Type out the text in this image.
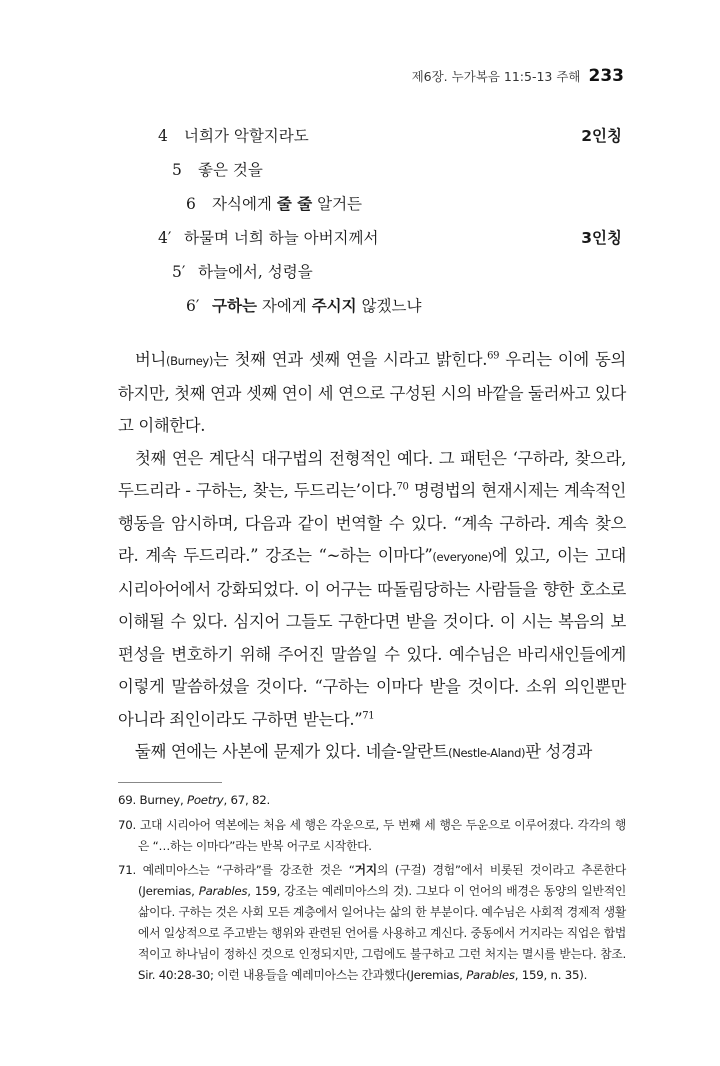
제6장. 누가복음 11:5-13 주해 233
4 너희가 악할지라도	2인칭
5 좋은 것을
6 자식에게 줄 줄 알거든
4′ 하물며 너희 하늘 아버지께서	3인칭
5′ 하늘에서, 성령을
6′ 구하는 자에게 주시지 않겠느냐

버니(Burney)는 첫째 연과 셋째 연을 시라고 밝힌다.$^{69}$ 우리는 이에 동의하지만, 첫째 연과 셋째 연이 세 연으로 구성된 시의 바깥을 둘러싸고 있다고 이해한다.

첫째 연은 계단식 대구법의 전형적인 예다. 그 패턴은 ‘구하라, 찾으라, 두드리라 - 구하는, 찾는, 두드리는’이다.$^{70}$ 명령법의 현재시제는 계속적인 행동을 암시하며, 다음과 같이 번역할 수 있다. “계속 구하라. 계속 찾으라. 계속 두드리라.” 강조는 “~하는 이마다”(everyone)에 있고, 이는 고대 시리아어에서 강화되었다. 이 어구는 따돌림당하는 사람들을 향한 호소로 이해될 수 있다. 심지어 그들도 구한다면 받을 것이다. 이 시는 복음의 보편성을 변호하기 위해 주어진 말씀일 수 있다. 예수님은 바리새인들에게 이렇게 말씀하셨을 것이다. “구하는 이마다 받을 것이다. 소위 의인뿐만 아니라 죄인이라도 구하면 받는다.”$^{71}$

둘째 연에는 사본에 문제가 있다. 네슬-알란트(Nestle-Aland)판 성경과

69. Burney, Poetry, 67, 82.

70. 고대 시리아어 역본에는 처음 세 행은 각운으로, 두 번째 세 행은 두운으로 이루어졌다. 각각의 행은 “…하는 이마다”라는 반복 어구로 시작한다.

71. 예레미아스는 “구하라”를 강조한 것은 “거지의 (구걸) 경험”에서 비롯된 것이라고 추론한다(Jeremias, Parables, 159, 강조는 예레미아스의 것). 그보다 이 언어의 배경은 동양의 일반적인 삶이다. 구하는 것은 사회 모든 계층에서 일어나는 삶의 한 부분이다. 예수님은 사회적 경제적 생활에서 일상적으로 주고받는 행위와 관련된 언어를 사용하고 계신다. 중동에서 거지라는 직업은 합법적이고 하나님이 정하신 것으로 인정되지만, 그럼에도 불구하고 그런 처지는 멸시를 받는다. 참조. Sir. 40:28-30; 이런 내용들을 예레미아스는 간과했다(Jeremias, Parables, 159, n. 35).
